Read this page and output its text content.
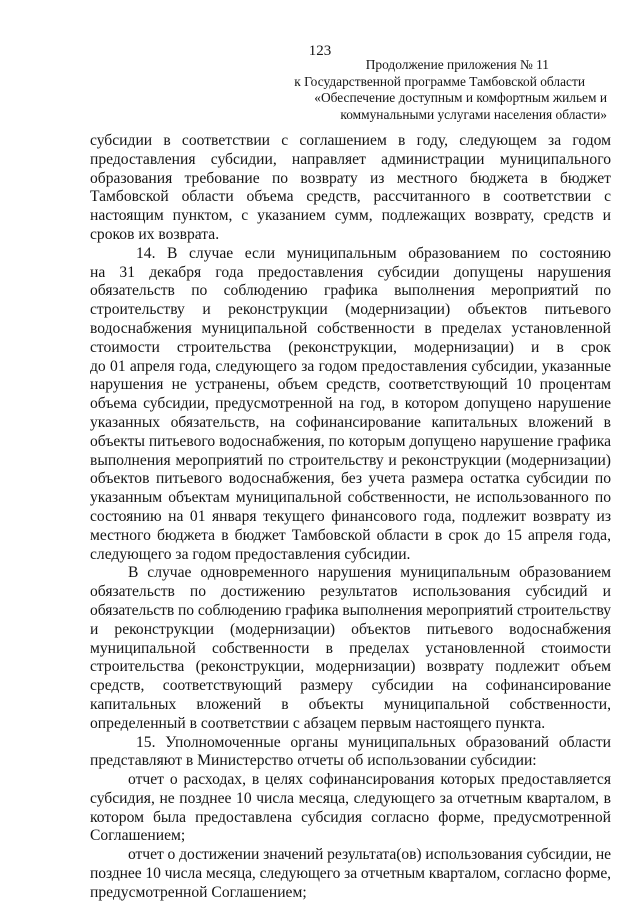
123
Продолжение приложения № 11
к Государственной программе Тамбовской области
«Обеспечение доступным и комфортным жильем и
коммунальными услугами населения области»
субсидии в соответствии с соглашением в году, следующем за годом
предоставления субсидии, направляет администрации муниципального
образования требование по возврату из местного бюджета в бюджет
Тамбовской области объема средств, рассчитанного в соответствии с
настоящим пунктом, с указанием сумм, подлежащих возврату, средств и
сроков их возврата.
14. В случае если муниципальным образованием по состоянию
на 31 декабря года предоставления субсидии допущены нарушения
обязательств по соблюдению графика выполнения мероприятий по
строительству и реконструкции (модернизации) объектов питьевого
водоснабжения муниципальной собственности в пределах установленной
стоимости строительства (реконструкции, модернизации) и в срок
до 01 апреля года, следующего за годом предоставления субсидии, указанные
нарушения не устранены, объем средств, соответствующий 10 процентам
объема субсидии, предусмотренной на год, в котором допущено нарушение
указанных обязательств, на софинансирование капитальных вложений в
объекты питьевого водоснабжения, по которым допущено нарушение графика
выполнения мероприятий по строительству и реконструкции (модернизации)
объектов питьевого водоснабжения, без учета размера остатка субсидии по
указанным объектам муниципальной собственности, не использованного по
состоянию на 01 января текущего финансового года, подлежит возврату из
местного бюджета в бюджет Тамбовской области в срок до 15 апреля года,
следующего за годом предоставления субсидии.
В случае одновременного нарушения муниципальным образованием
обязательств по достижению результатов использования субсидий и
обязательств по соблюдению графика выполнения мероприятий строительству
и реконструкции (модернизации) объектов питьевого водоснабжения
муниципальной собственности в пределах установленной стоимости
строительства (реконструкции, модернизации) возврату подлежит объем
средств, соответствующий размеру субсидии на софинансирование
капитальных вложений в объекты муниципальной собственности,
определенный в соответствии с абзацем первым настоящего пункта.
15. Уполномоченные органы муниципальных образований области
представляют в Министерство отчеты об использовании субсидии:
отчет о расходах, в целях софинансирования которых предоставляется
субсидия, не позднее 10 числа месяца, следующего за отчетным кварталом, в
котором была предоставлена субсидия согласно форме, предусмотренной
Соглашением;
отчет о достижении значений результата(ов) использования субсидии, не
позднее 10 числа месяца, следующего за отчетным кварталом, согласно форме,
предусмотренной Соглашением;
